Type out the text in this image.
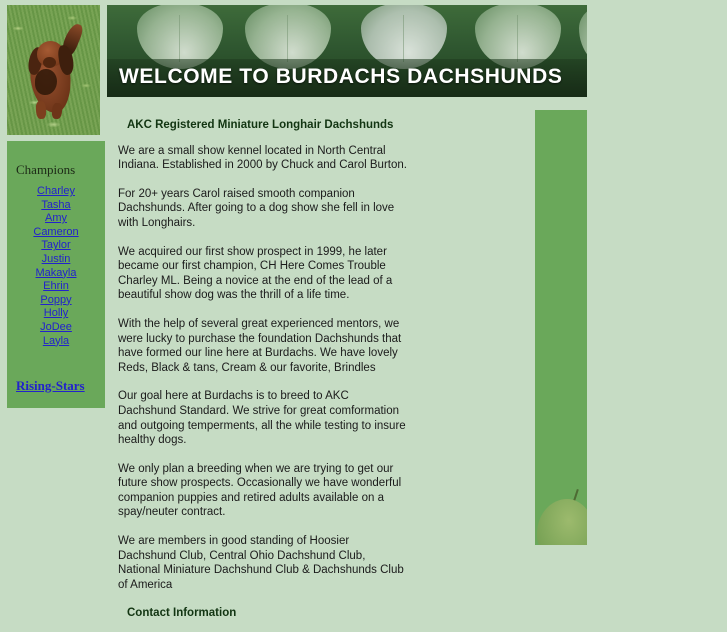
Champions
Charley
Tasha
Amy
Cameron
Taylor
Justin
Makayla
Ehrin
Poppy
Holly
JoDee
Layla
Rising-Stars
WELCOME TO BURDACHS DACHSHUNDS
AKC Registered Miniature Longhair Dachshunds

We are a small show kennel located in North Central Indiana. Established in 2000 by Chuck and Carol Burton.

For 20+ years Carol raised smooth companion Dachshunds. After going to a dog show she fell in love with Longhairs.

We acquired our first show prospect in 1999, he later became our first champion, CH Here Comes Trouble Charley ML. Being a novice at the end of the lead of a beautiful show dog was the thrill of a life time.

With the help of several great experienced mentors, we were lucky to purchase the foundation Dachshunds that have formed our line here at Burdachs. We have lovely Reds, Black & tans, Cream & our favorite, Brindles

Our goal here at Burdachs is to breed to AKC Dachshund Standard. We strive for great comformation and outgoing temperments, all the while testing to insure healthy dogs.

We only plan a breeding when we are trying to get our future show prospects. Occasionally we have wonderful companion puppies and retired adults available on a spay/neuter contract.

We are members in good standing of Hoosier Dachshund Club, Central Ohio Dachshund Club, National Miniature Dachshund Club & Dachshunds Club of America

Contact Information
